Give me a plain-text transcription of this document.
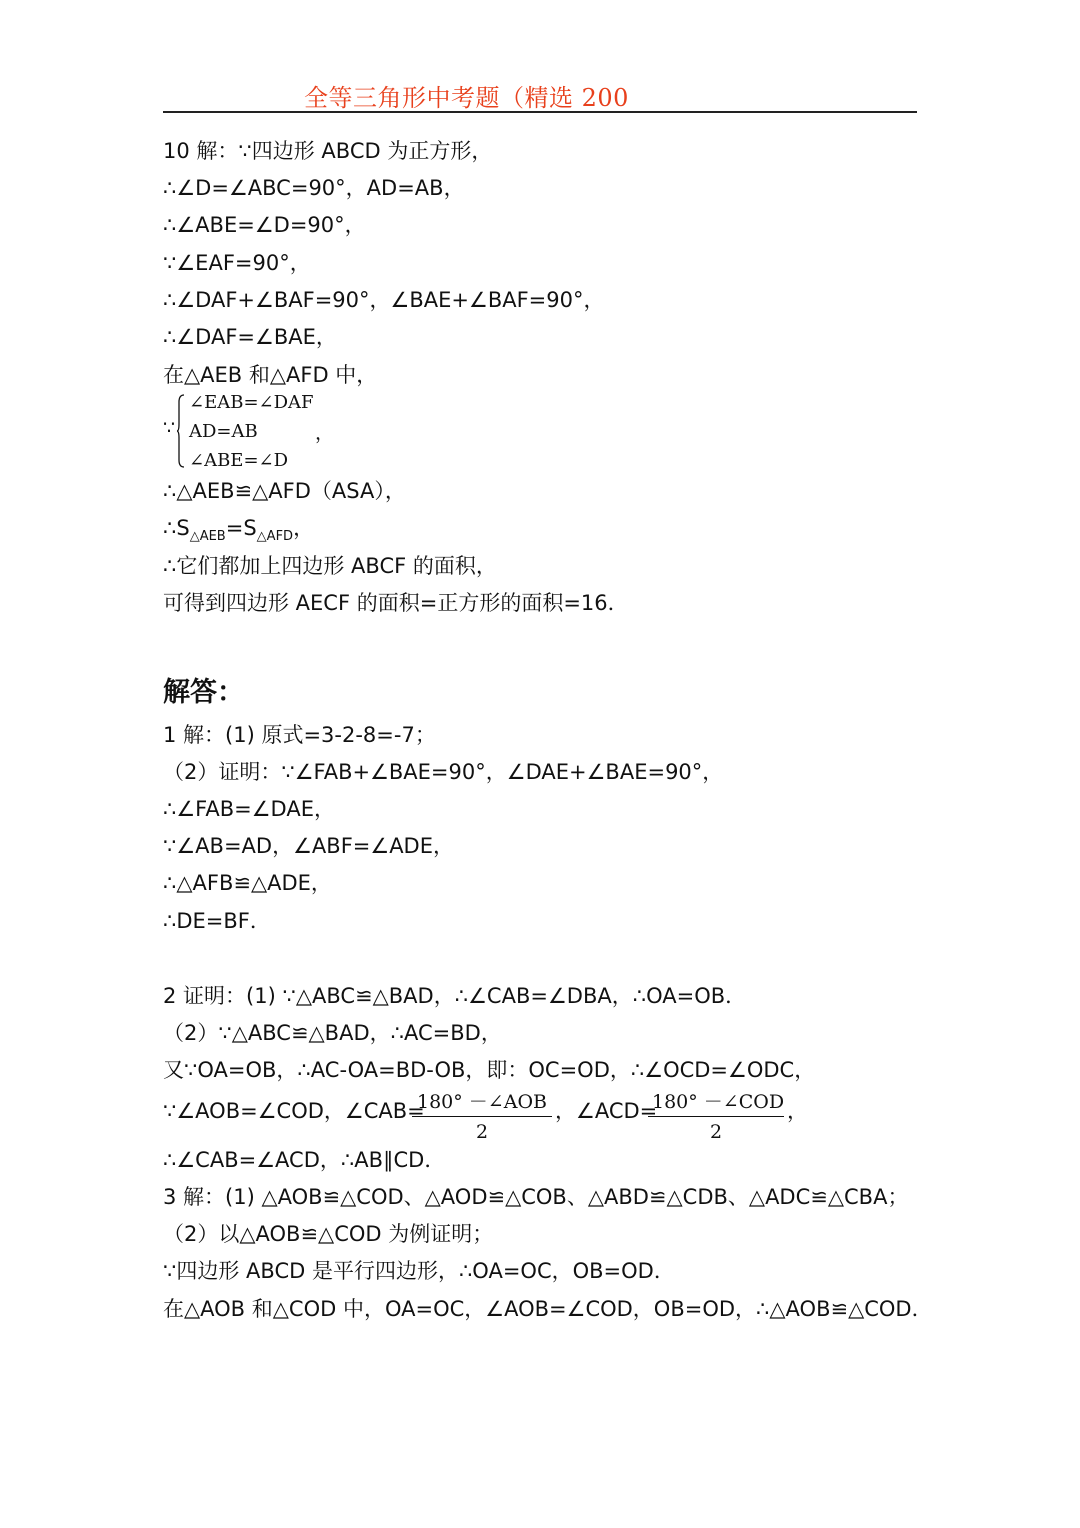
全等三角形中考题（精选 200
10 解：∵四边形 ABCD 为正方形，
∴∠D=∠ABC=90°，AD=AB，
∴∠ABE=∠D=90°，
∵∠EAF=90°，
∴∠DAF+∠BAF=90°，∠BAE+∠BAF=90°，
∴∠DAF=∠BAE，
在△AEB 和△AFD 中，
∵
∠EAB=∠DAF
AD=AB
∠ABE=∠D
，
∴△AEB≌△AFD（ASA），
$\therefore S_{\triangle AEB}=S_{\triangle AFD}$，
∴它们都加上四边形 ABCF 的面积，
可得到四边形 AECF 的面积=正方形的面积=16．
解答：
1 解：(1) 原式=3-2-8=-7；
（2）证明：∵∠FAB+∠BAE=90°，∠DAE+∠BAE=90°，
∴∠FAB=∠DAE，
∵∠AB=AD，∠ABF=∠ADE，
∴△AFB≌△ADE，
∴DE=BF．
2 证明：(1) ∵△ABC≌△BAD，∴∠CAB=∠DBA，∴OA=OB．
（2）∵△ABC≌△BAD，∴AC=BD，
又∵OA=OB，∴AC-OA=BD-OB，即：OC=OD，∴∠OCD=∠ODC，
∵∠AOB=∠COD，∠CAB=
180° －∠AOB
2
，∠ACD=
180° －∠COD
2
，
∴∠CAB=∠ACD，∴AB∥CD．
3 解：(1) △AOB≌△COD、△AOD≌△COB、△ABD≌△CDB、△ADC≌△CBA；
（2）以△AOB≌△COD 为例证明；
∵四边形 ABCD 是平行四边形，∴OA=OC，OB=OD．
在△AOB 和△COD 中，OA=OC，∠AOB=∠COD，OB=OD，∴△AOB≌△COD．
